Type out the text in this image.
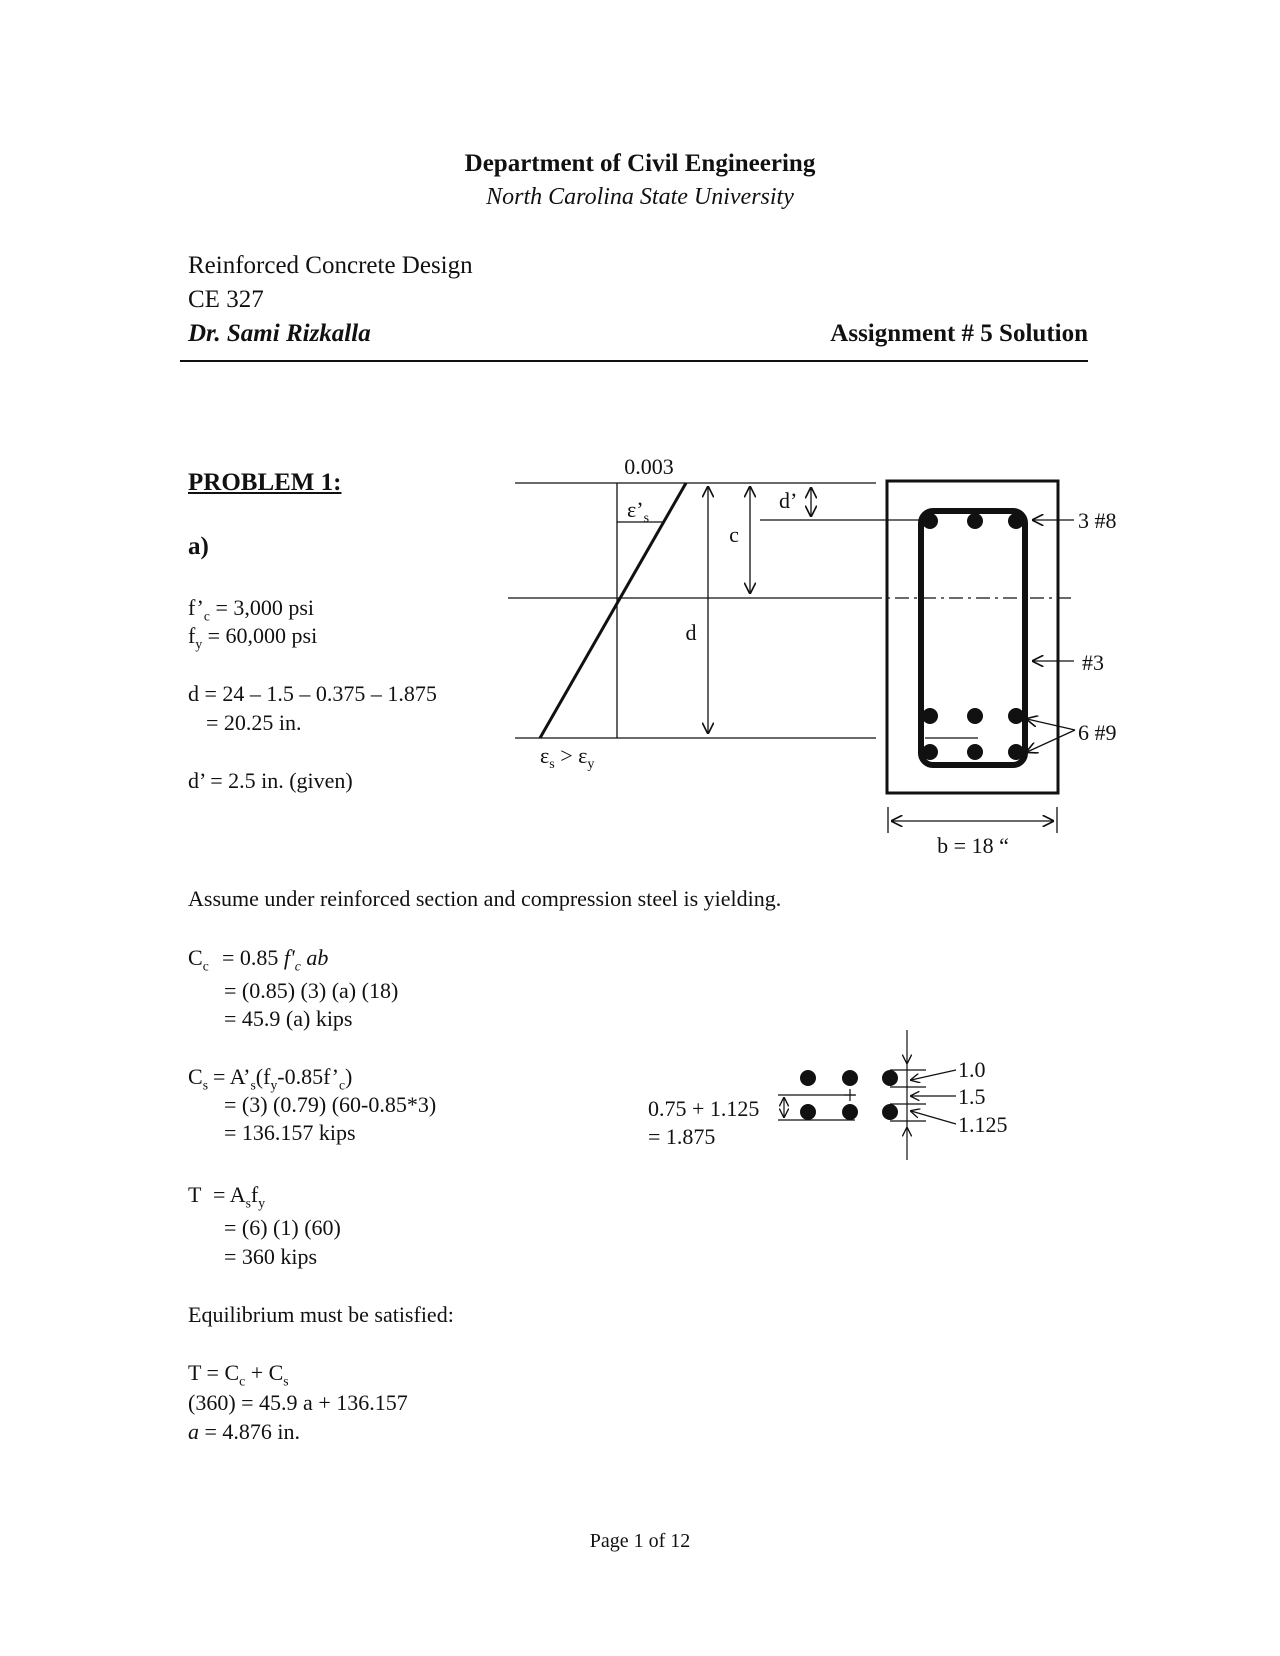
Department of Civil Engineering
North Carolina State University
Reinforced Concrete Design
CE 327
Dr. Sami Rizkalla	Assignment # 5 Solution
PROBLEM 1:
a)
$f’_c = 3,000$ psi
$f_y = 60,000$ psi
d = 24 – 1.5 – 0.375 – 1.875
= 20.25 in.
d’ = 2.5 in. (given)
0.003
$\varepsilon’_s$
d’
c
d
$\varepsilon_s > \varepsilon_y$
3 #8
#3
6 #9
b = 18 “
Assume under reinforced section and compression steel is yielding.
$C_c = 0.85$ $f'_c$ ab
= (0.85) (3) (a) (18)
= 45.9 (a) kips
$C_s$ = $A’_s(f_y-0.85f’_c)$
= (3) (0.79) (60-0.85*3)
= 136.157 kips
0.75 + 1.125
= 1.875
1.0
1.5
1.125
$T = A_sf_y$
= (6) (1) (60)
= 360 kips
Equilibrium must be satisfied:
$T = C_c + C_s$
(360) = 45.9 a + 136.157
a = 4.876 in.
Page 1 of 12
